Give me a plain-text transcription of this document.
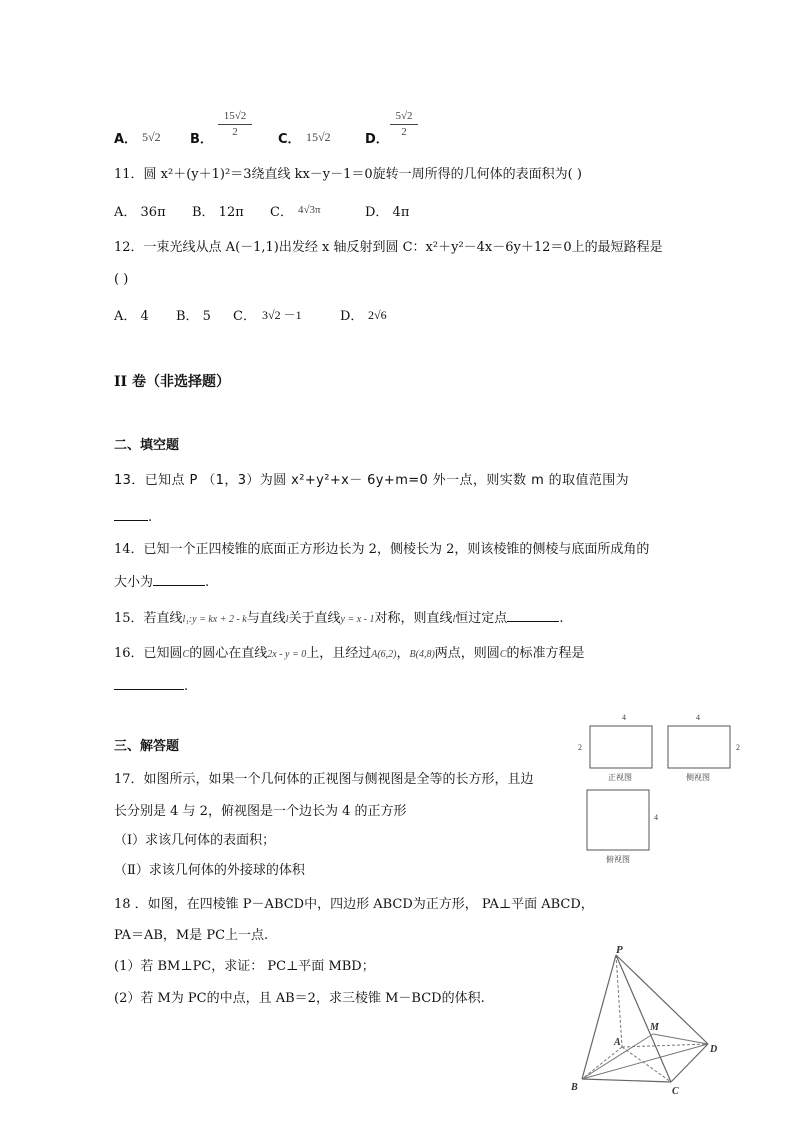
A． 5√2 B．
15√2
2	C． 15√2	D．
5√2
2
11．圆 x²＋(y＋1)²＝3绕直线 kx－y－1＝0旋转一周所得的几何体的表面积为( )
A． 36π B． 12π C． 4√3π	D． 4π
12．一束光线从点 A(－1,1)出发经 x 轴反射到圆 C：x²＋y²－4x－6y＋12＝0上的最短路程是
( )
A． 4 B． 5 C． 3√2 －1	D． 2√6
II 卷（非选择题）
二、填空题
13．已知点 P （1，3）为圆 x²+y²+x－ 6y+m=0 外一点，则实数 m 的取值范围为
.
14．已知一个正四棱锥的底面正方形边长为 2，侧棱长为 2，则该棱锥的侧棱与底面所成角的
大小为	.
15．若直线l₁:y = kx + 2 - k与直线l关于直线y = x - 1对称，则直线l恒过定点	.
16．已知圆C的圆心在直线2x - y = 0上，且经过A(6,2)，B(4,8)两点，则圆C的标准方程是
.
三、解答题
17．如图所示，如果一个几何体的正视图与侧视图是全等的长方形，且边
长分别是 4 与 2，俯视图是一个边长为 4 的正方形
（Ⅰ）求该几何体的表面积；
（Ⅱ）求该几何体的外接球的体积
4
2
正视图
4
2
侧视图
4
俯视图
18 ．如图，在四棱锥 P－ABCD中，四边形 ABCD为正方形， PA⊥平面 ABCD，
PA＝AB，M是 PC上一点.
(1）若 BM⊥PC，求证： PC⊥平面 MBD；
(2）若 M为 PC的中点，且 AB＝2，求三棱锥 M－BCD的体积.
P
A
B	C
D
M
